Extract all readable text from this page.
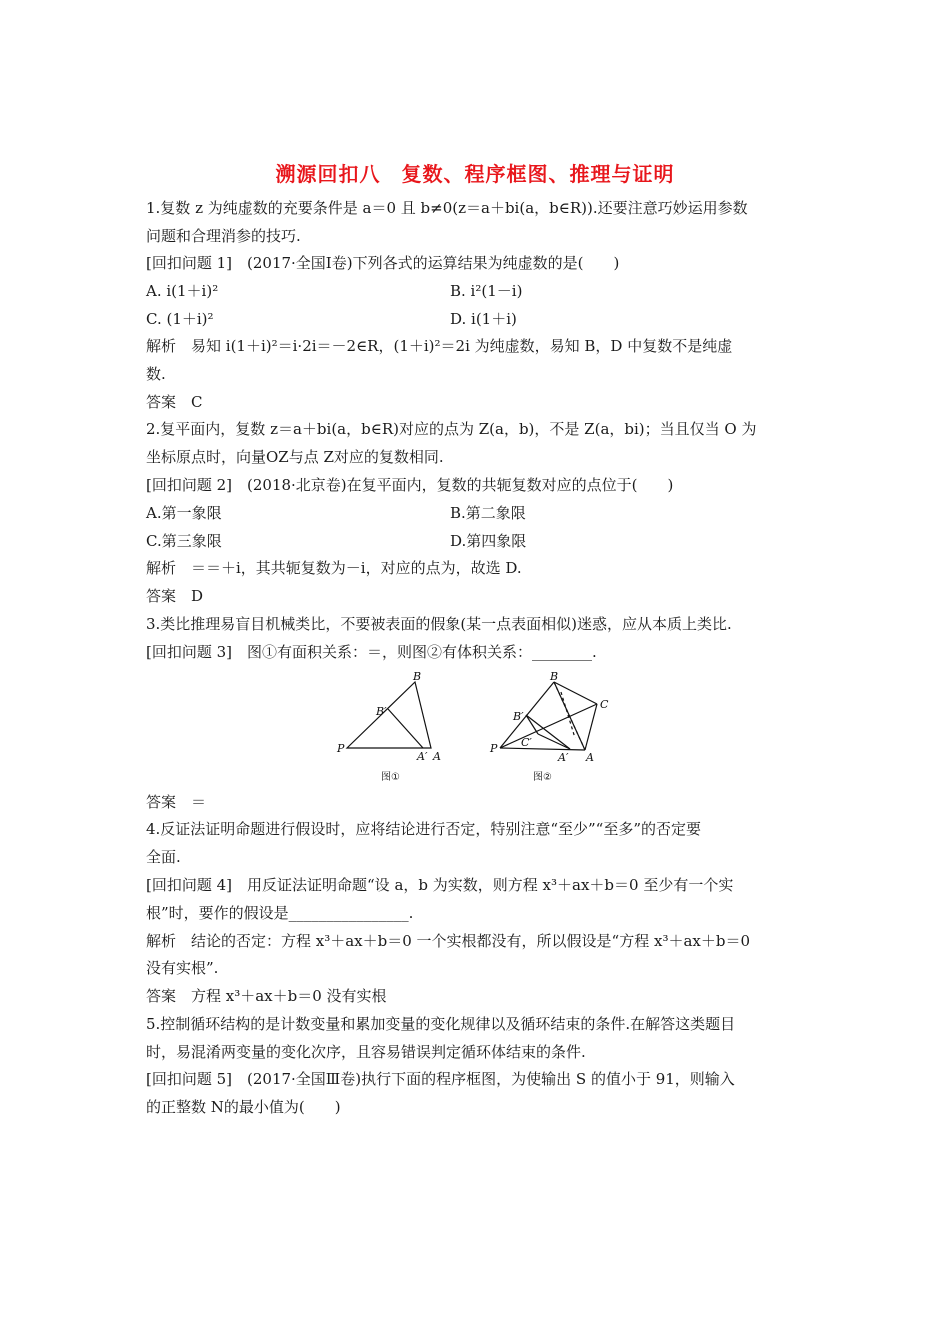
溯源回扣八　复数、程序框图、推理与证明
1.复数 z 为纯虚数的充要条件是 a＝0 且 b≠0(z＝a＋bi(a，b∈R)).还要注意巧妙运用参数
问题和合理消参的技巧.
[回扣问题 1]　(2017·全国Ⅰ卷)下列各式的运算结果为纯虚数的是(　　)
A. i(1＋i)²	B. i²(1－i)
C. (1＋i)²	D. i(1＋i)
解析　易知 i(1＋i)²＝i·2i＝－2∈R，(1＋i)²＝2i 为纯虚数，易知 B，D 中复数不是纯虚
数.
答案　C
2.复平面内，复数 z＝a＋bi(a，b∈R)对应的点为 Z(a，b)，不是 Z(a，bi)；当且仅当 O 为
坐标原点时，向量OZ与点 Z对应的复数相同.
[回扣问题 2]　(2018·北京卷)在复平面内，复数的共轭复数对应的点位于(　　)
A.第一象限	B.第二象限
C.第三象限	D.第四象限
解析　＝＝＋i，其共轭复数为－i，对应的点为，故选 D.
答案　D
3.类比推理易盲目机械类比，不要被表面的假象(某一点表面相似)迷惑，应从本质上类比.
[回扣问题 3]　图①有面积关系：＝，则图②有体积关系：________.
P
B
B′
A′ A
图①
P
B
C
B′
C′
A′ A
图②
答案　＝
4.反证法证明命题进行假设时，应将结论进行否定，特别注意“至少”“至多”的否定要
全面.
[回扣问题 4]　用反证法证明命题“设 a，b 为实数，则方程 x³＋ax＋b＝0 至少有一个实
根”时，要作的假设是________________.
解析　结论的否定：方程 x³＋ax＋b＝0 一个实根都没有，所以假设是“方程 x³＋ax＋b＝0
没有实根”.
答案　方程 x³＋ax＋b＝0 没有实根
5.控制循环结构的是计数变量和累加变量的变化规律以及循环结束的条件.在解答这类题目
时，易混淆两变量的变化次序，且容易错误判定循环体结束的条件.
[回扣问题 5]　(2017·全国Ⅲ卷)执行下面的程序框图，为使输出 S 的值小于 91，则输入
的正整数 N的最小值为(　　)
